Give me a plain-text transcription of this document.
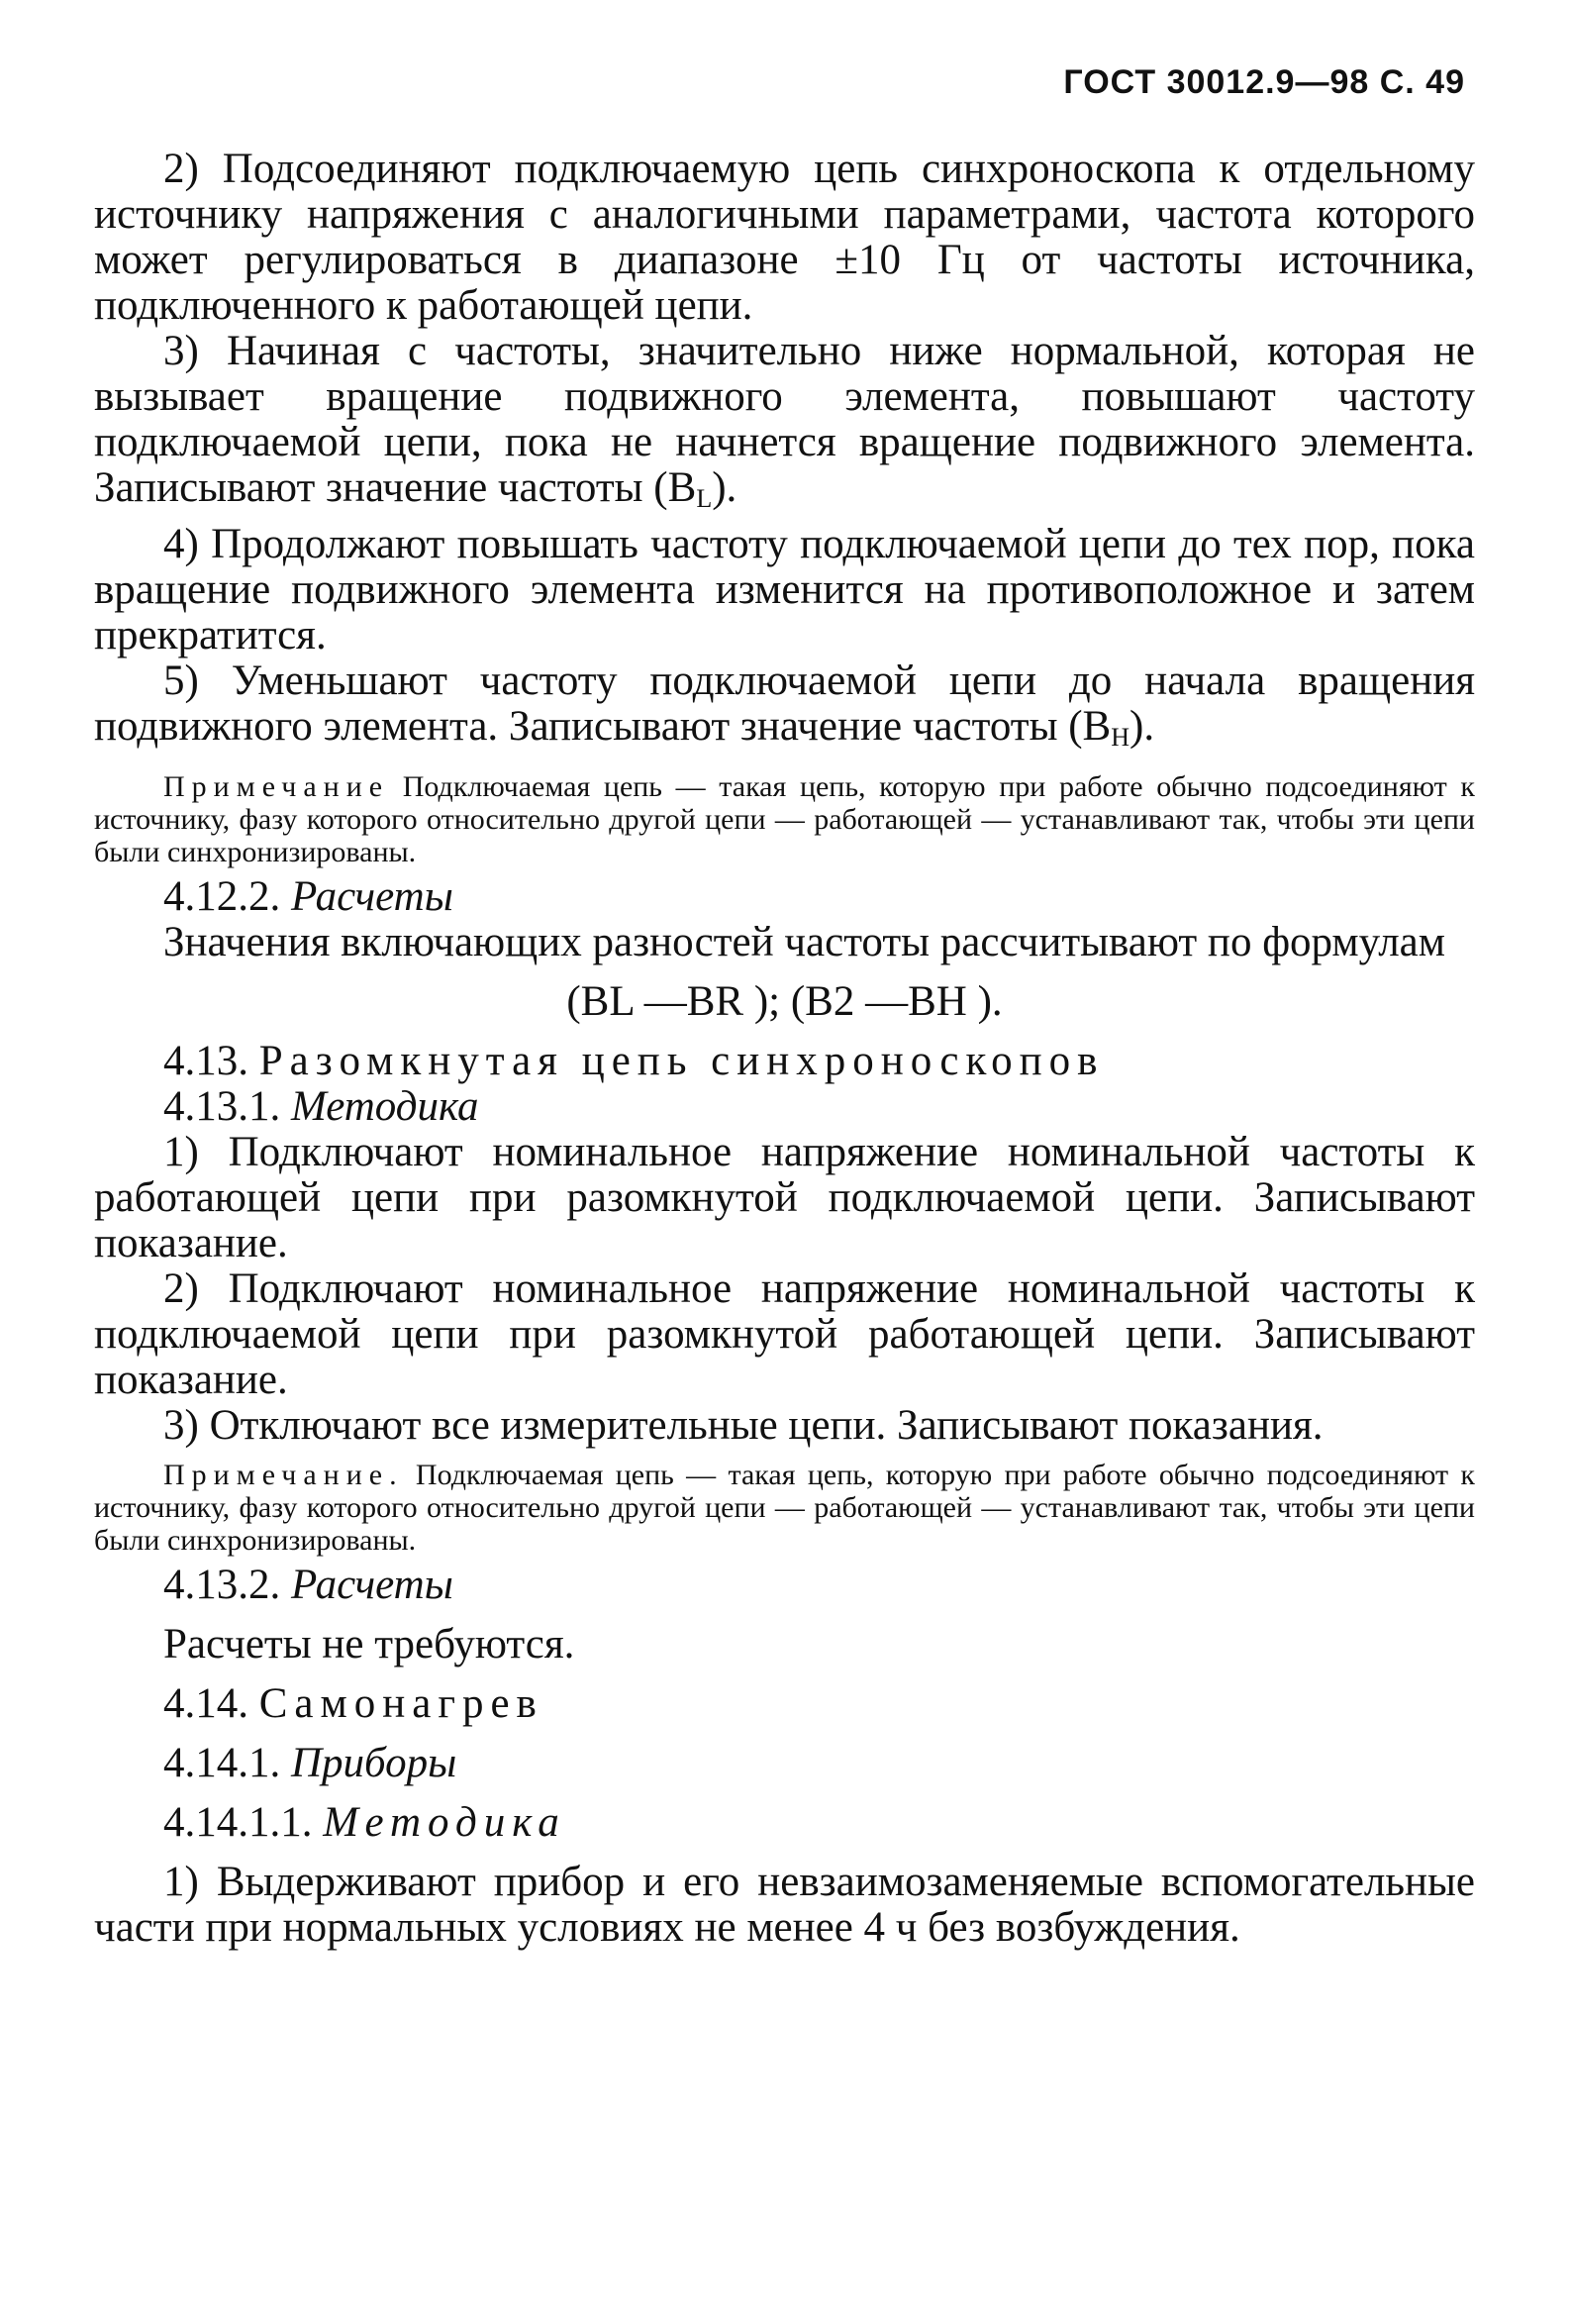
ГОСТ 30012.9—98 С. 49

2) Подсоединяют подключаемую цепь синхроноскопа к отдельному источнику напряжения с аналогичными параметрами, частота которого может регулироваться в диапазоне ±10 Гц от частоты источника, подключенного к работающей цепи.

3) Начиная с частоты, значительно ниже нормальной, которая не вызывает вращение подвижного элемента, повышают частоту подключаемой цепи, пока не начнется вращение подвижного элемента. Записывают значение частоты $(B_L)$.

4) Продолжают повышать частоту подключаемой цепи до тех пор, пока вращение подвижного элемента изменится на противоположное и затем прекратится.

5) Уменьшают частоту подключаемой цепи до начала вращения подвижного элемента. Записывают значение частоты $(B_H)$.

Примечание Подключаемая цепь — такая цепь, которую при работе обычно подсоединяют к источнику, фазу которого относительно другой цепи — работающей — устанавливают так, чтобы эти цепи были синхронизированы.

4.12.2. Расчеты

Значения включающих разностей частоты рассчитывают по формулам

(BL —BR ); (B2 —BH ).

4.13. Разомкнутая цепь синхроноскопов

4.13.1. Методика

1) Подключают номинальное напряжение номинальной частоты к работающей цепи при разомкнутой подключаемой цепи. Записывают показание.

2) Подключают номинальное напряжение номинальной частоты к подключаемой цепи при разомкнутой работающей цепи. Записывают показание.

3) Отключают все измерительные цепи. Записывают показания.

Примечание. Подключаемая цепь — такая цепь, которую при работе обычно подсоединяют к источнику, фазу которого относительно другой цепи — работающей — устанавливают так, чтобы эти цепи были синхронизированы.

4.13.2. Расчеты

Расчеты не требуются.

4.14. Самонагрев

4.14.1. Приборы

4.14.1.1. Методика

1) Выдерживают прибор и его невзаимозаменяемые вспомогательные части при нормальных условиях не менее 4 ч без возбуждения.
